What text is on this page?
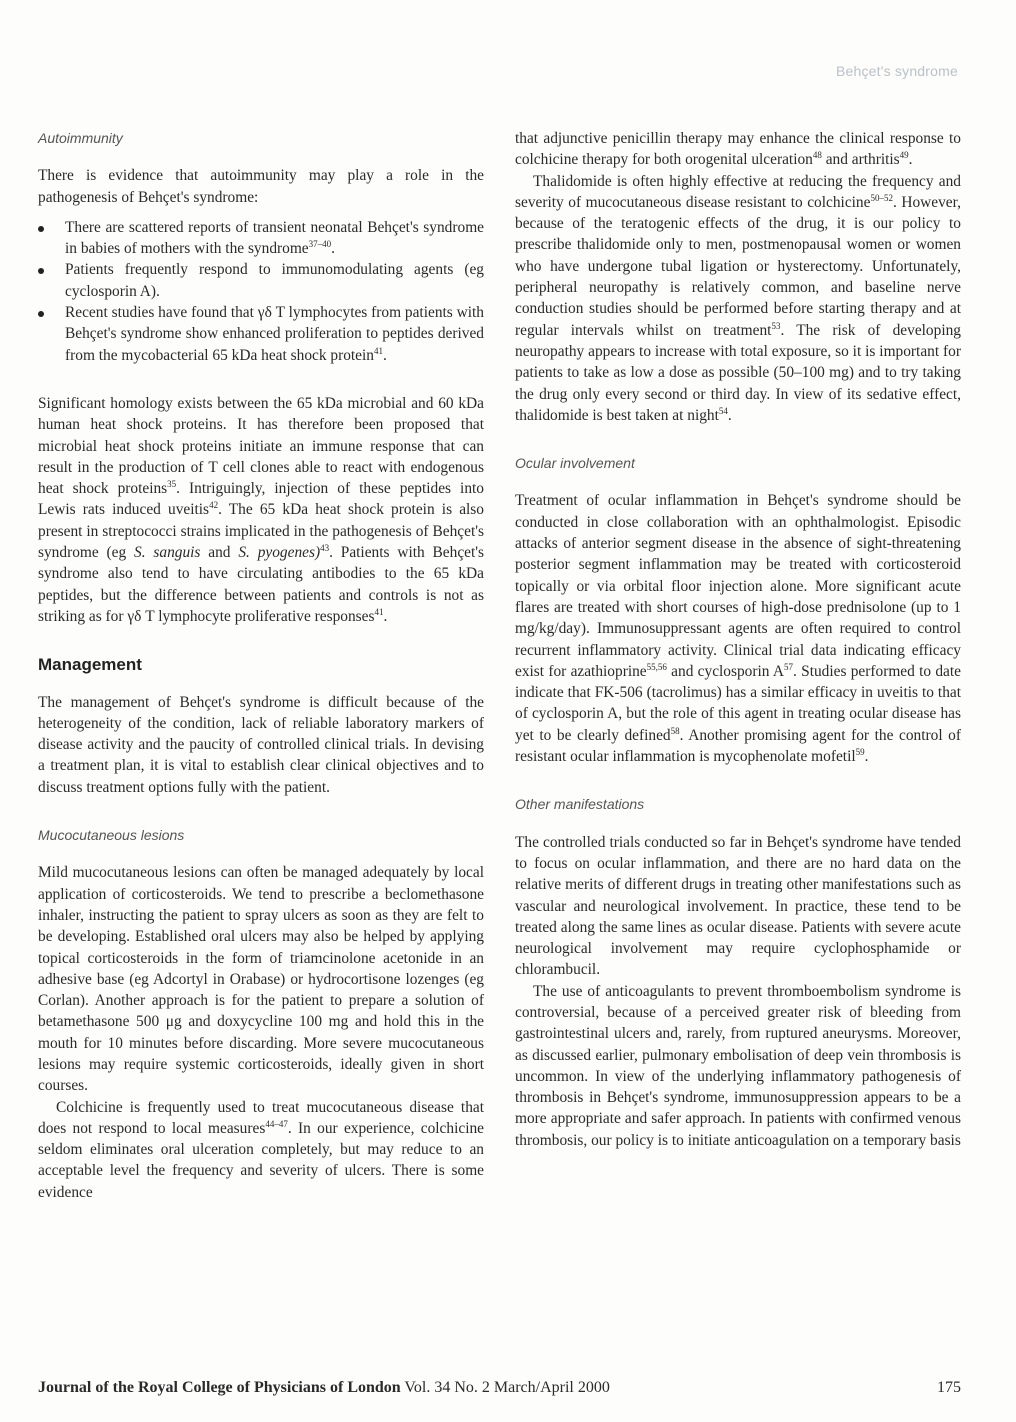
Behçet's syndrome

Autoimmunity

There is evidence that autoimmunity may play a role in the pathogenesis of Behçet's syndrome:

There are scattered reports of transient neonatal Behçet's syndrome in babies of mothers with the syndrome$^{37-40}$.
Patients frequently respond to immunomodulating agents (eg cyclosporin A).
Recent studies have found that γδ T lymphocytes from patients with Behçet's syndrome show enhanced proliferation to peptides derived from the mycobacterial 65 kDa heat shock protein$^{41}$.

Significant homology exists between the 65 kDa microbial and 60 kDa human heat shock proteins. It has therefore been proposed that microbial heat shock proteins initiate an immune response that can result in the production of T cell clones able to react with endogenous heat shock proteins$^{35}$. Intriguingly, injection of these peptides into Lewis rats induced uveitis$^{42}$. The 65 kDa heat shock protein is also present in streptococci strains implicated in the pathogenesis of Behçet's syndrome (eg S. sanguis and S. pyogenes)$^{43}$. Patients with Behçet's syndrome also tend to have circulating antibodies to the 65 kDa peptides, but the difference between patients and controls is not as striking as for γδ T lymphocyte proliferative responses$^{41}$.

Management

The management of Behçet's syndrome is difficult because of the heterogeneity of the condition, lack of reliable laboratory markers of disease activity and the paucity of controlled clinical trials. In devising a treatment plan, it is vital to establish clear clinical objectives and to discuss treatment options fully with the patient.

Mucocutaneous lesions

Mild mucocutaneous lesions can often be managed adequately by local application of corticosteroids. We tend to prescribe a beclomethasone inhaler, instructing the patient to spray ulcers as soon as they are felt to be developing. Established oral ulcers may also be helped by applying topical corticosteroids in the form of triamcinolone acetonide in an adhesive base (eg Adcortyl in Orabase) or hydrocortisone lozenges (eg Corlan). Another approach is for the patient to prepare a solution of betamethasone 500 μg and doxycycline 100 mg and hold this in the mouth for 10 minutes before discarding. More severe mucocutaneous lesions may require systemic corticosteroids, ideally given in short courses.

Colchicine is frequently used to treat mucocutaneous disease that does not respond to local measures$^{44-47}$. In our experience, colchicine seldom eliminates oral ulceration completely, but may reduce to an acceptable level the frequency and severity of ulcers. There is some evidence

that adjunctive penicillin therapy may enhance the clinical response to colchicine therapy for both orogenital ulceration$^{48}$ and arthritis$^{49}$.

Thalidomide is often highly effective at reducing the frequency and severity of mucocutaneous disease resistant to colchicine$^{50-52}$. However, because of the teratogenic effects of the drug, it is our policy to prescribe thalidomide only to men, postmenopausal women or women who have undergone tubal ligation or hysterectomy. Unfortunately, peripheral neuropathy is relatively common, and baseline nerve conduction studies should be performed before starting therapy and at regular intervals whilst on treatment$^{53}$. The risk of developing neuropathy appears to increase with total exposure, so it is important for patients to take as low a dose as possible (50–100 mg) and to try taking the drug only every second or third day. In view of its sedative effect, thalidomide is best taken at night$^{54}$.

Ocular involvement

Treatment of ocular inflammation in Behçet's syndrome should be conducted in close collaboration with an ophthalmologist. Episodic attacks of anterior segment disease in the absence of sight-threatening posterior segment inflammation may be treated with corticosteroid topically or via orbital floor injection alone. More significant acute flares are treated with short courses of high-dose prednisolone (up to 1 mg/kg/day). Immunosuppressant agents are often required to control recurrent inflammatory activity. Clinical trial data indicating efficacy exist for azathioprine$^{55,56}$ and cyclosporin $A^{57}$. Studies performed to date indicate that FK-506 (tacrolimus) has a similar efficacy in uveitis to that of cyclosporin A, but the role of this agent in treating ocular disease has yet to be clearly defined$^{58}$. Another promising agent for the control of resistant ocular inflammation is mycophenolate mofetil$^{59}$.

Other manifestations

The controlled trials conducted so far in Behçet's syndrome have tended to focus on ocular inflammation, and there are no hard data on the relative merits of different drugs in treating other manifestations such as vascular and neurological involvement. In practice, these tend to be treated along the same lines as ocular disease. Patients with severe acute neurological involvement may require cyclophosphamide or chlorambucil.

The use of anticoagulants to prevent thromboembolism syndrome is controversial, because of a perceived greater risk of bleeding from gastrointestinal ulcers and, rarely, from ruptured aneurysms. Moreover, as discussed earlier, pulmonary embolisation of deep vein thrombosis is uncommon. In view of the underlying inflammatory pathogenesis of thrombosis in Behçet's syndrome, immunosuppression appears to be a more appropriate and safer approach. In patients with confirmed venous thrombosis, our policy is to initiate anticoagulation on a temporary basis

Journal of the Royal College of Physicians of London Vol. 34 No. 2 March/April 2000	175
